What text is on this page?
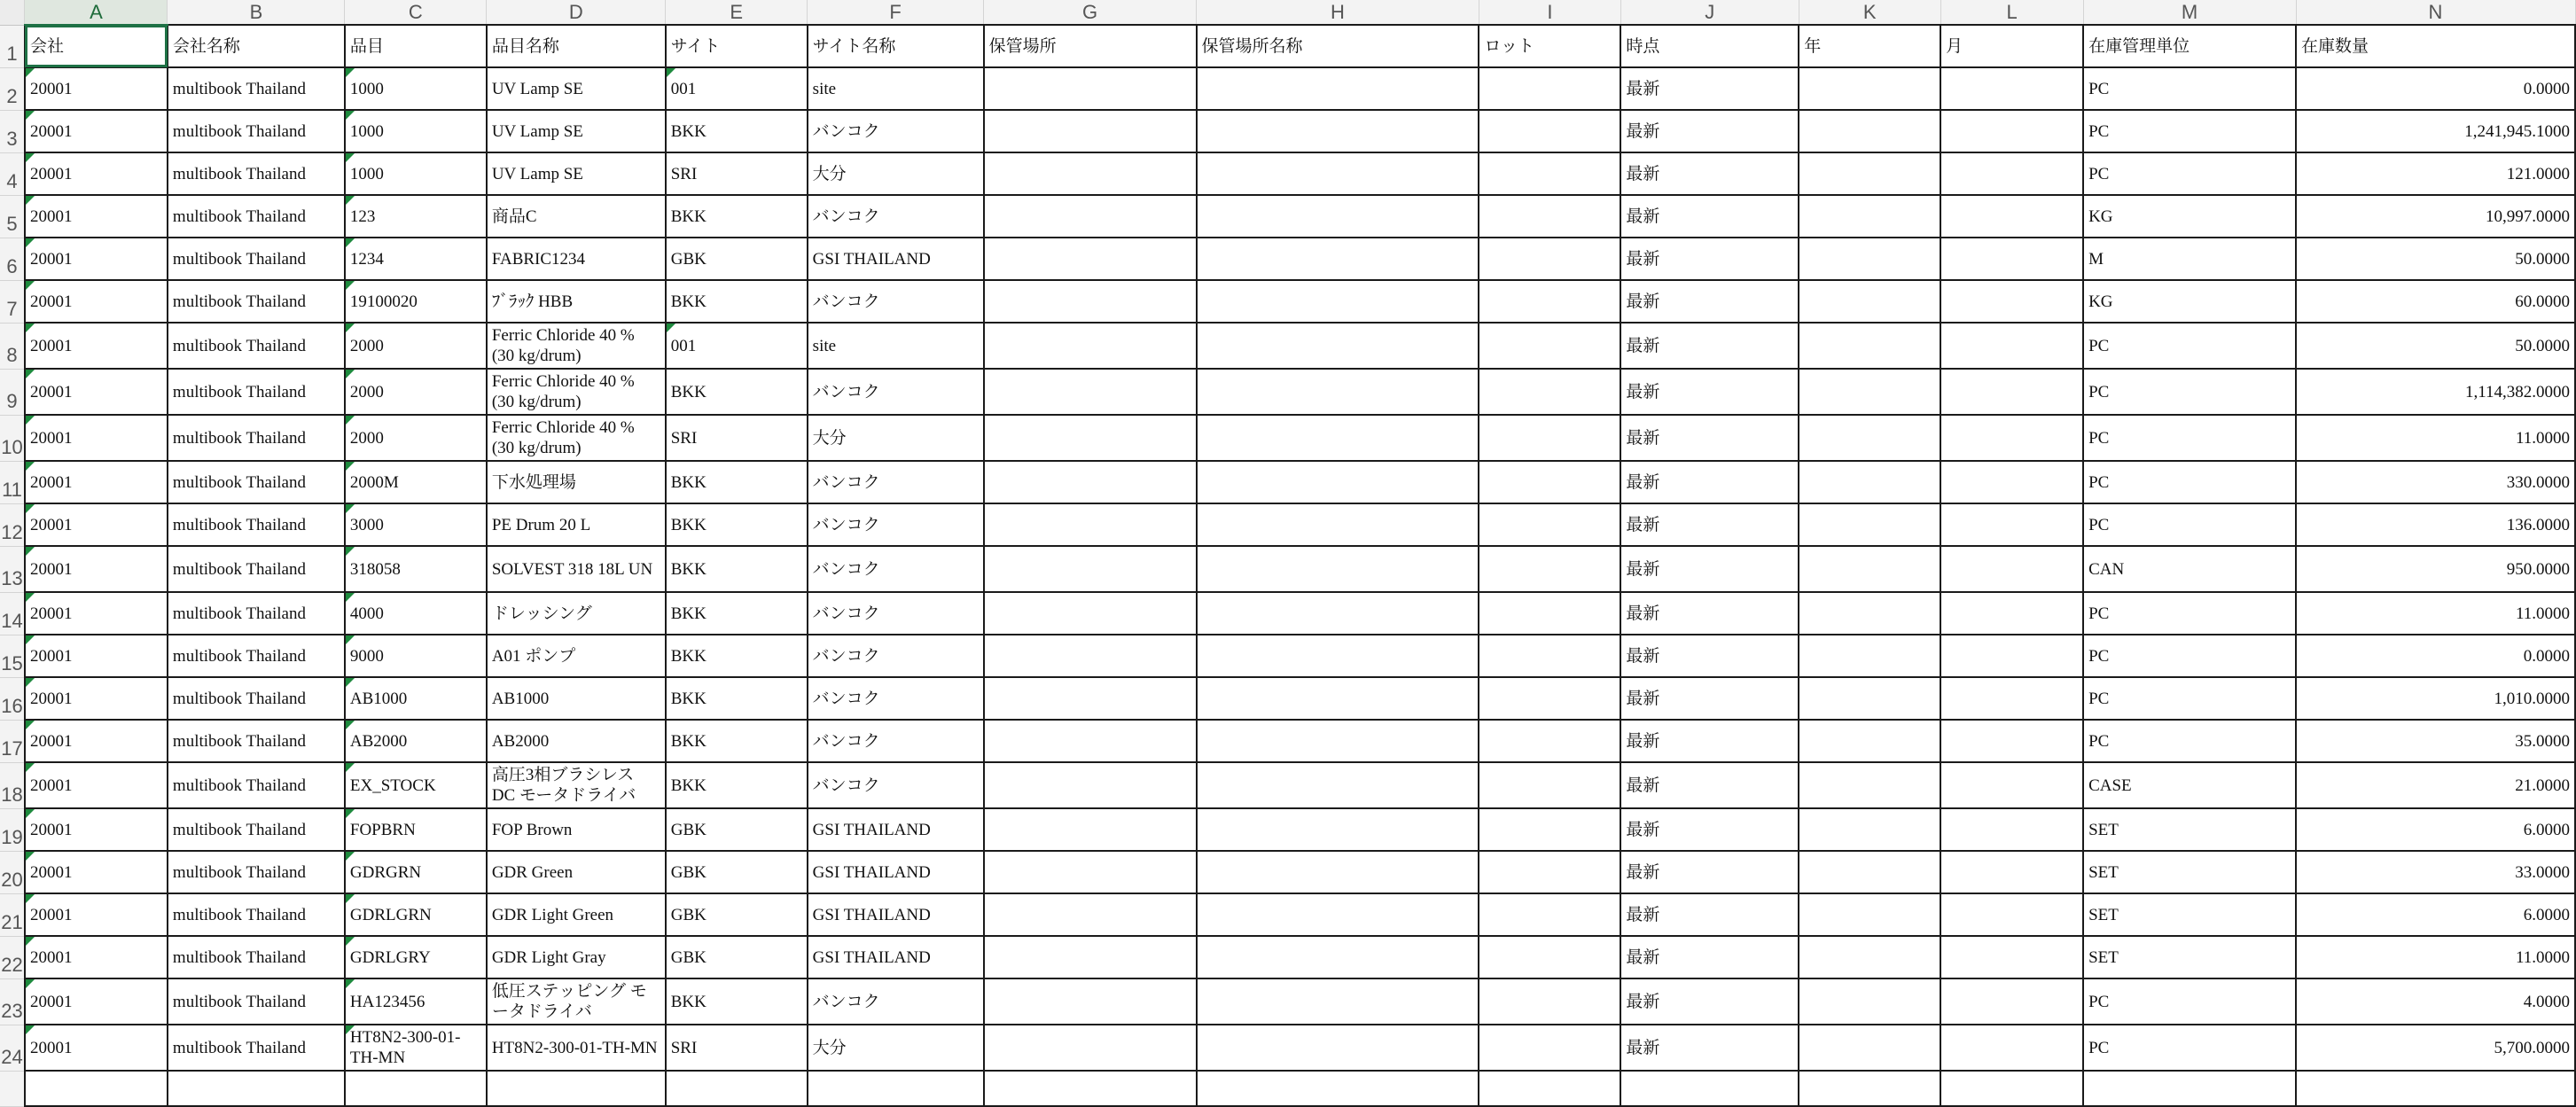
	A	B	C	D	E	F	G	H	I	J	K	L	M	N
1	会社	会社名称	品目	品目名称	サイト	サイト名称	保管場所	保管場所名称	ロット	時点	年	月	在庫管理単位	在庫数量
2	20001	multibook Thailand	1000	UV Lamp SE	001	site				最新			PC	0.0000
3	20001	multibook Thailand	1000	UV Lamp SE	BKK	バンコク				最新			PC	1,241,945.1000
4	20001	multibook Thailand	1000	UV Lamp SE	SRI	大分				最新			PC	121.0000
5	20001	multibook Thailand	123	商品C	BKK	バンコク				最新			KG	10,997.0000
6	20001	multibook Thailand	1234	FABRIC1234	GBK	GSI THAILAND				最新			M	50.0000
7	20001	multibook Thailand	19100020	ﾌﾞﾗｯｸ HBB	BKK	バンコク				最新			KG	60.0000
8	20001	multibook Thailand	2000	Ferric Chloride 40 % (30 kg/drum)	001	site				最新			PC	50.0000
9	20001	multibook Thailand	2000	Ferric Chloride 40 % (30 kg/drum)	BKK	バンコク				最新			PC	1,114,382.0000
10	20001	multibook Thailand	2000	Ferric Chloride 40 % (30 kg/drum)	SRI	大分				最新			PC	11.0000
11	20001	multibook Thailand	2000M	下水処理場	BKK	バンコク				最新			PC	330.0000
12	20001	multibook Thailand	3000	PE Drum 20 L	BKK	バンコク				最新			PC	136.0000
13	20001	multibook Thailand	318058	SOLVEST 318 18L UN	BKK	バンコク				最新			CAN	950.0000
14	20001	multibook Thailand	4000	ドレッシング	BKK	バンコク				最新			PC	11.0000
15	20001	multibook Thailand	9000	A01 ポンプ	BKK	バンコク				最新			PC	0.0000
16	20001	multibook Thailand	AB1000	AB1000	BKK	バンコク				最新			PC	1,010.0000
17	20001	multibook Thailand	AB2000	AB2000	BKK	バンコク				最新			PC	35.0000
18	20001	multibook Thailand	EX_STOCK	高圧3相ブラシレス DC モータドライバ	BKK	バンコク				最新			CASE	21.0000
19	20001	multibook Thailand	FOPBRN	FOP Brown	GBK	GSI THAILAND				最新			SET	6.0000
20	20001	multibook Thailand	GDRGRN	GDR Green	GBK	GSI THAILAND				最新			SET	33.0000
21	20001	multibook Thailand	GDRLGRN	GDR Light Green	GBK	GSI THAILAND				最新			SET	6.0000
22	20001	multibook Thailand	GDRLGRY	GDR Light Gray	GBK	GSI THAILAND				最新			SET	11.0000
23	20001	multibook Thailand	HA123456	低圧ステッピング モータドライバ	BKK	バンコク				最新			PC	4.0000
24	20001	multibook Thailand	HT8N2-300-01-TH-MN	HT8N2-300-01-TH-MN	SRI	大分				最新			PC	5,700.0000
